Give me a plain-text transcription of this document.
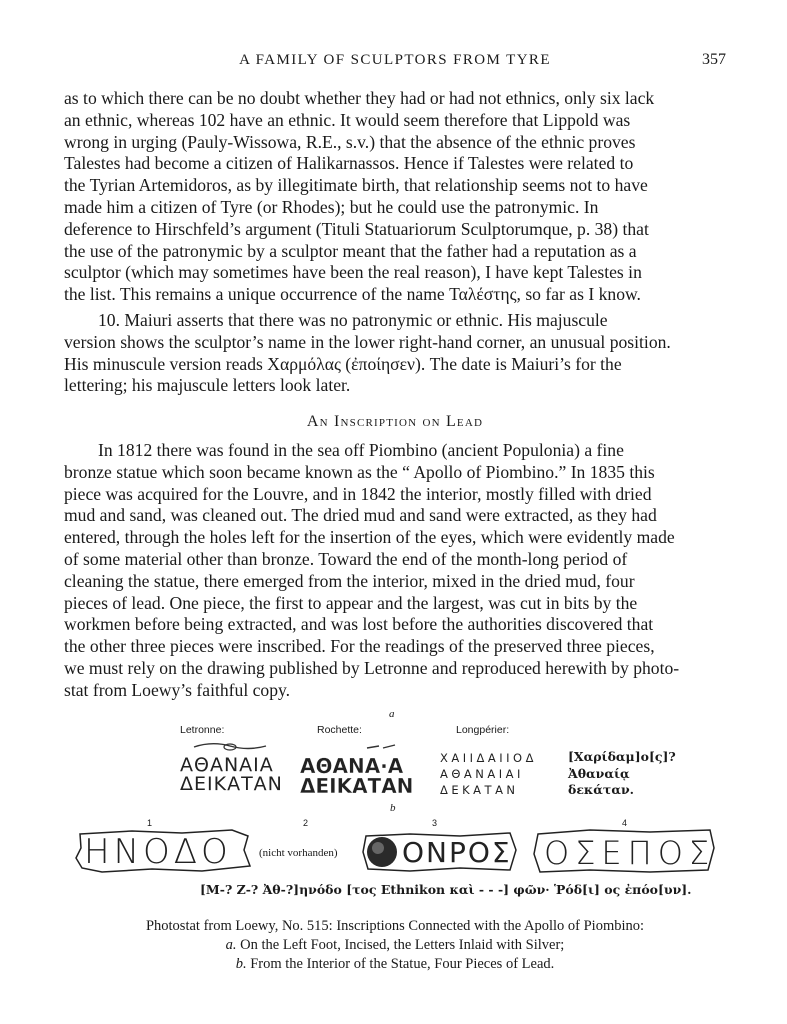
A FAMILY OF SCULPTORS FROM TYRE	357
as to which there can be no doubt whether they had or had not ethnics, only six lack
an ethnic, whereas 102 have an ethnic. It would seem therefore that Lippold was
wrong in urging (Pauly-Wissowa, R.E., s.v.) that the absence of the ethnic proves
Talestes had become a citizen of Halikarnassos. Hence if Talestes were related to
the Tyrian Artemidoros, as by illegitimate birth, that relationship seems not to have
made him a citizen of Tyre (or Rhodes); but he could use the patronymic. In
deference to Hirschfeld’s argument (Tituli Statuariorum Sculptorumque, p. 38) that
the use of the patronymic by a sculptor meant that the father had a reputation as a
sculptor (which may sometimes have been the real reason), I have kept Talestes in
the list. This remains a unique occurrence of the name Ταλέστης, so far as I know.
10. Maiuri asserts that there was no patronymic or ethnic. His majuscule
version shows the sculptor’s name in the lower right-hand corner, an unusual position.
His minuscule version reads Χαρμόλας (ἐποίησεν). The date is Maiuri’s for the
lettering; his majuscule letters look later.
An Inscription on Lead
In 1812 there was found in the sea off Piombino (ancient Populonia) a fine
bronze statue which soon became known as the “ Apollo of Piombino.” In 1835 this
piece was acquired for the Louvre, and in 1842 the interior, mostly filled with dried
mud and sand, was cleaned out. The dried mud and sand were extracted, as they had
entered, through the holes left for the insertion of the eyes, which were evidently made
of some material other than bronze. Toward the end of the month-long period of
cleaning the statue, there emerged from the interior, mixed in the dried mud, four
pieces of lead. One piece, the first to appear and the largest, was cut in bits by the
workmen before being extracted, and was lost before the authorities discovered that
the other three pieces were inscribed. For the readings of the preserved three pieces,
we must rely on the drawing published by Letronne and reproduced herewith by photo-
stat from Loewy’s faithful copy.
a
Letronne:	Rochette:	Longpérier:
ΑΘΑΝΑΙΑ
ΔΕΙΚΑΤΑΝ
ΑΘΑΝΑ·Α
ΔΕΙΚΑΤΑΝ
ΧΑΙΙΔΑΙΙΟΔ
ΑΘΑΝΑΙΑΙ
ΔΕΚΑΤΑΝ
[Χαρίδαμ]ο[ς]?
Ἀθαναίᾳ
δεκάταν.
b
1	2	3	4
ΗΝΟΔΟ (nicht vorhanden) ΟΝΡΟΣ ΟΣΕΠΟΣ
[Μ-? Ζ-? Ἀθ-?]ηνόδο [τος Ethnikon καὶ - - -] φῶν· Ῥόδ[ι] ος ἐπόο[υν].
Photostat from Loewy, No. 515: Inscriptions Connected with the Apollo of Piombino:
a. On the Left Foot, Incised, the Letters Inlaid with Silver;
b. From the Interior of the Statue, Four Pieces of Lead.
